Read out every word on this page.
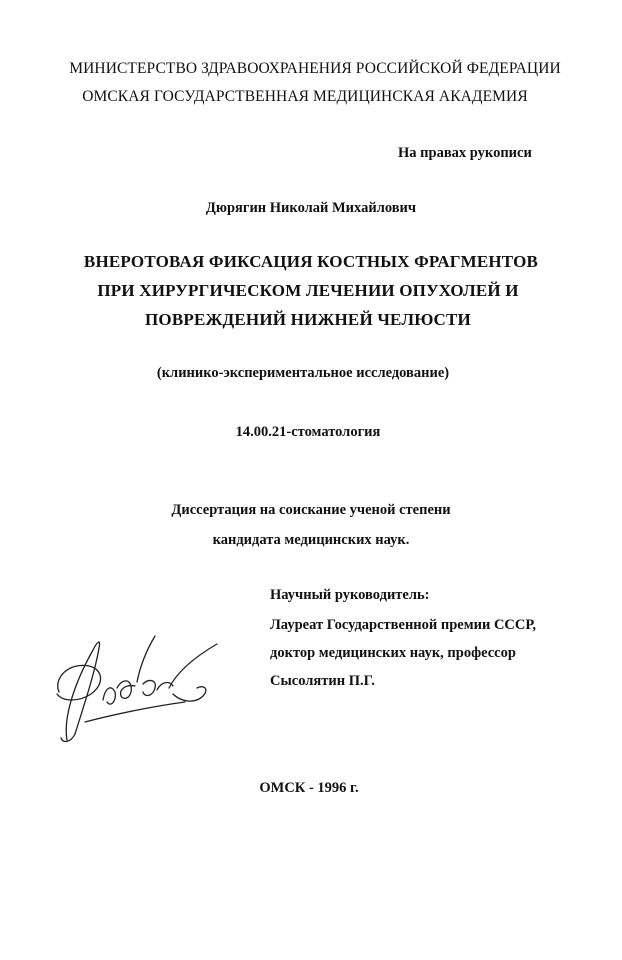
МИНИСТЕРСТВО ЗДРАВООХРАНЕНИЯ РОССИЙСКОЙ ФЕДЕРАЦИИ
ОМСКАЯ ГОСУДАРСТВЕННАЯ МЕДИЦИНСКАЯ АКАДЕМИЯ
На правах рукописи
Дюрягин Николай Михайлович
ВНЕРОТОВАЯ ФИКСАЦИЯ КОСТНЫХ ФРАГМЕНТОВ
ПРИ ХИРУРГИЧЕСКОМ ЛЕЧЕНИИ ОПУХОЛЕЙ И
ПОВРЕЖДЕНИЙ НИЖНЕЙ ЧЕЛЮСТИ
(клинико-экспериментальное исследование)
14.00.21-стоматология
Диссертация на соискание ученой степени
кандидата медицинских наук.
Научный руководитель:
Лауреат Государственной премии СССР,
доктор медицинских наук, профессор
Сысолятин П.Г.
ОМСК - 1996 г.
